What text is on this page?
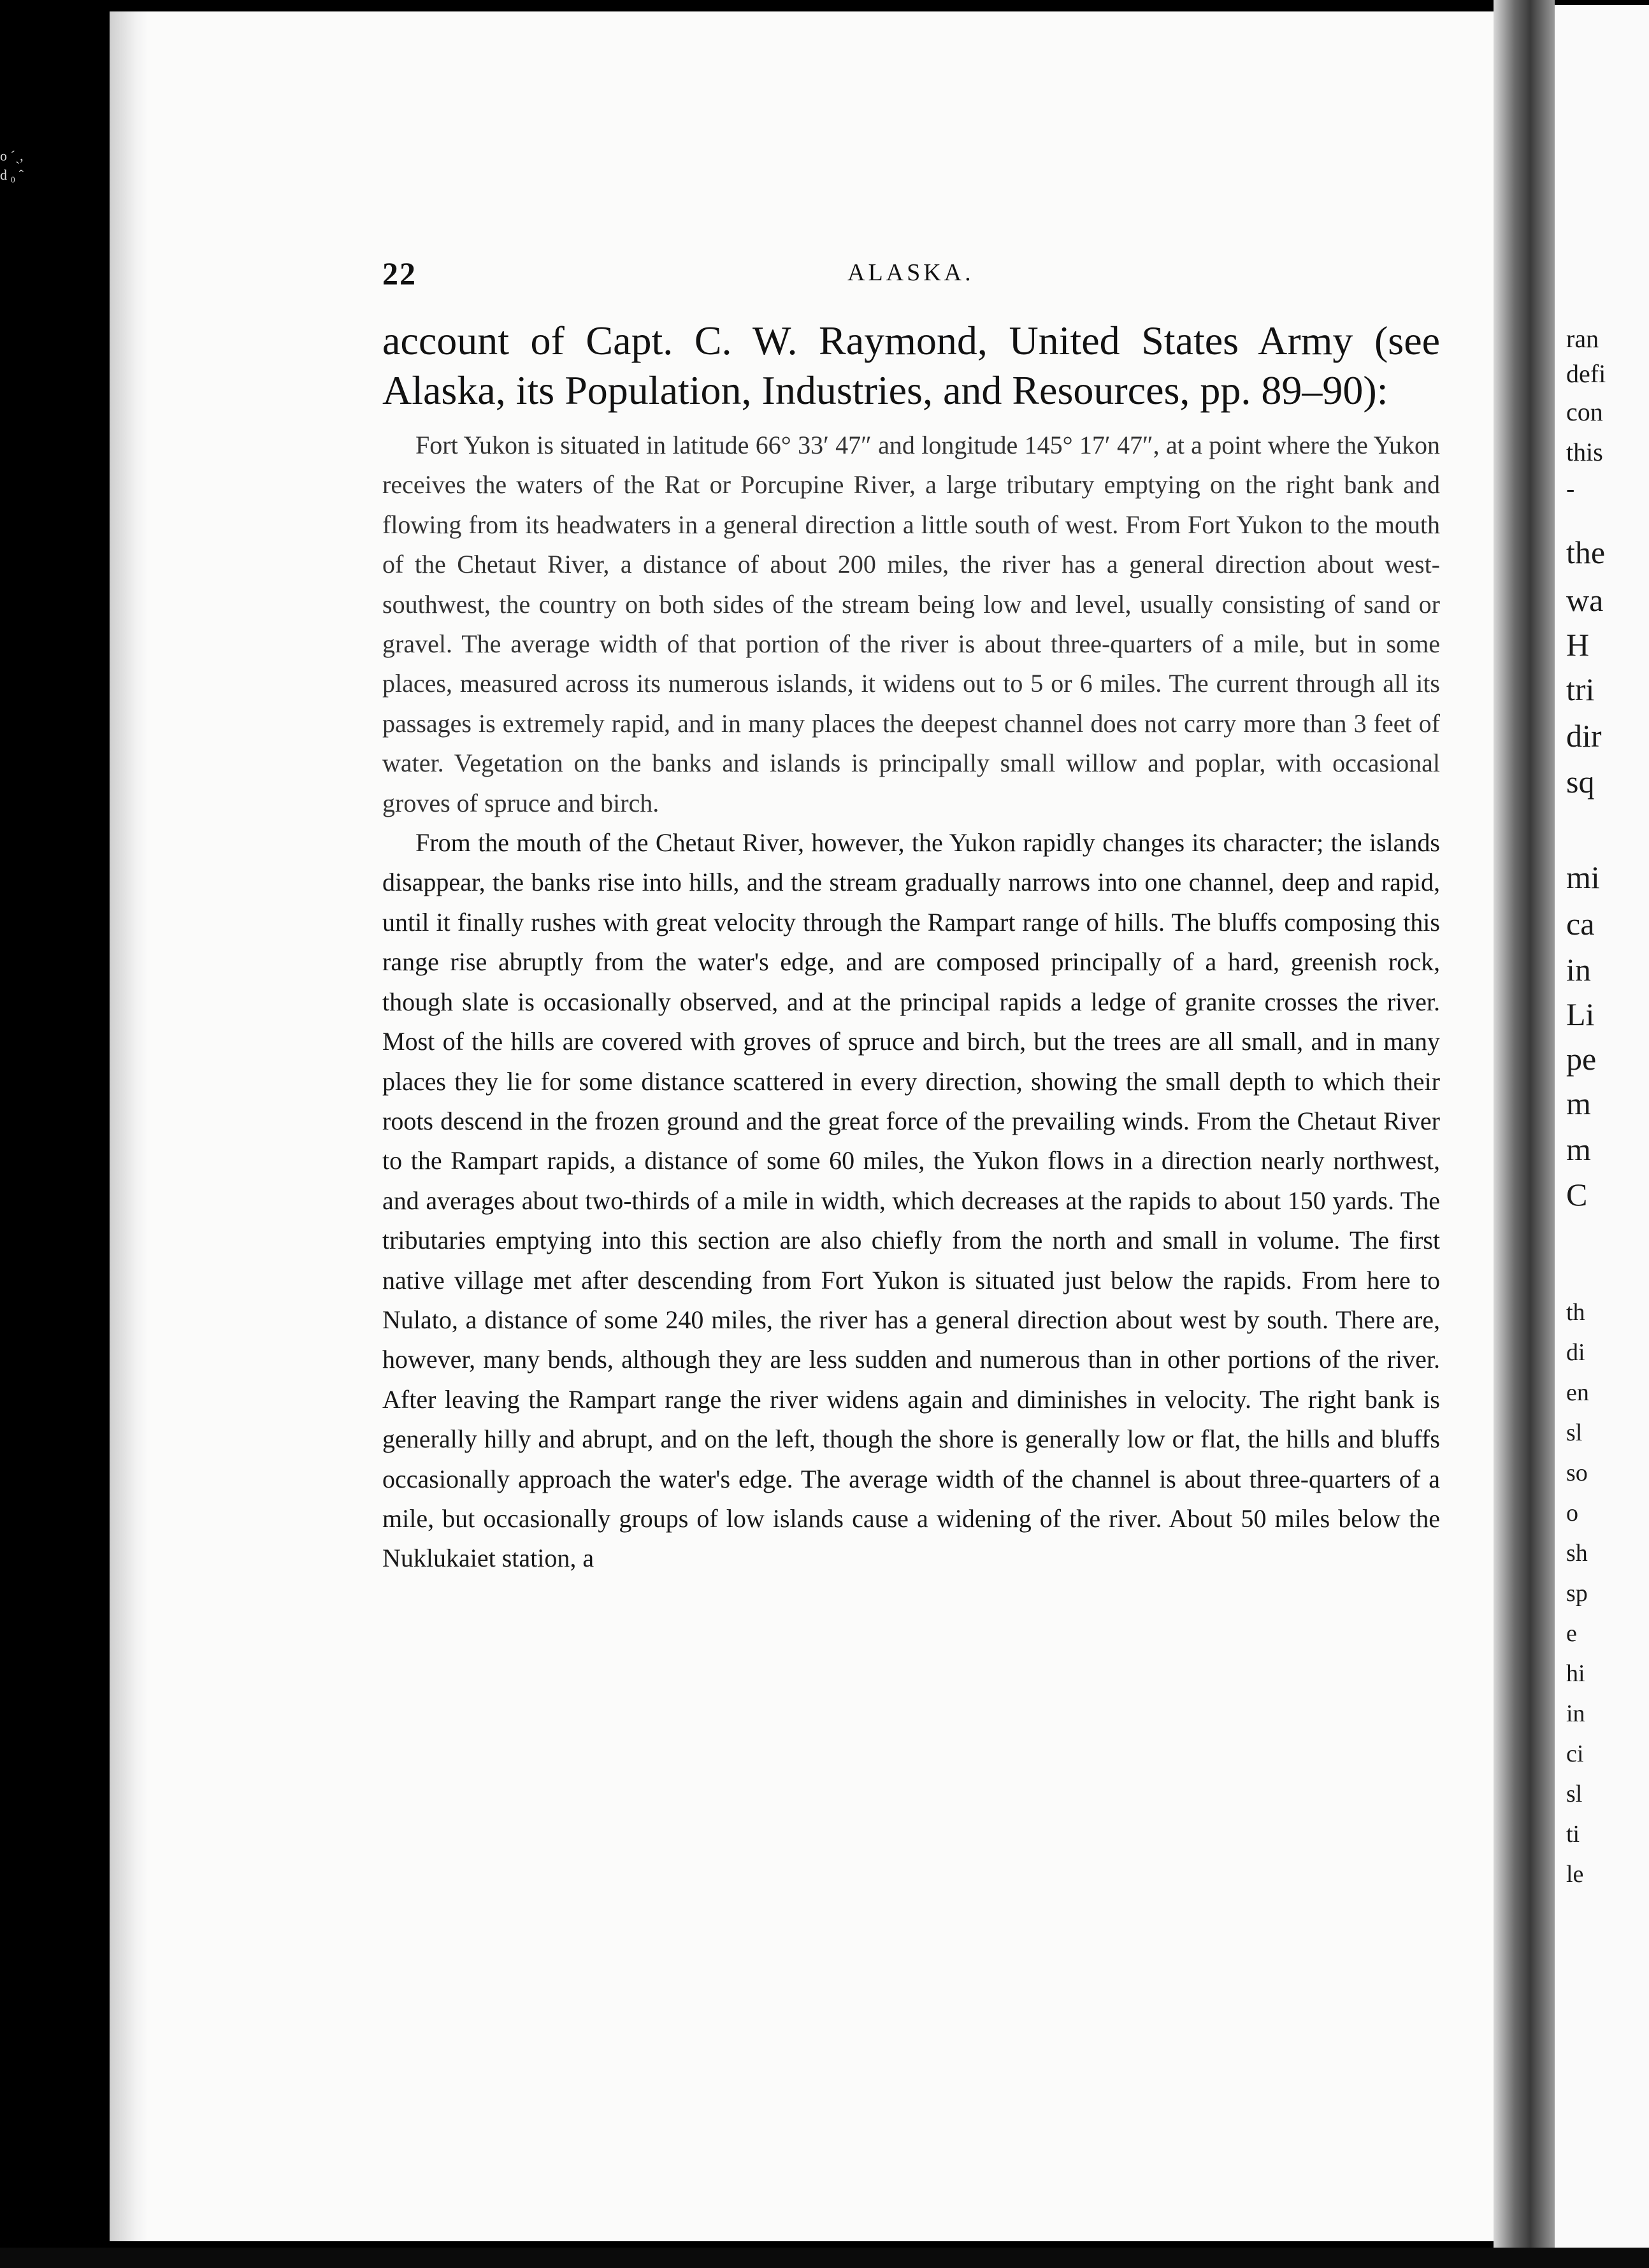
o ´ˏ,
d ₀ ˆ
ran
defi
con
this
-
the
wa
H
tri
dir
sq
mi
ca
in
Li
pe
m
m
C
th
di
en
sl
so
o
sh
sp
e
hi
in
ci
sl
ti
le
22	ALASKA.
account of Capt. C. W. Raymond, United States Army (see Alaska, its Population, Industries, and Resources, pp. 89–90):

Fort Yukon is situated in latitude 66° 33′ 47″ and longitude 145° 17′ 47″, at a point where the Yukon receives the waters of the Rat or Porcupine River, a large tributary emptying on the right bank and flowing from its headwaters in a general direction a little south of west. From Fort Yukon to the mouth of the Chetaut River, a distance of about 200 miles, the river has a general direction about west-southwest, the country on both sides of the stream being low and level, usually consisting of sand or gravel. The average width of that portion of the river is about three-quarters of a mile, but in some places, measured across its numerous islands, it widens out to 5 or 6 miles. The current through all its passages is extremely rapid, and in many places the deepest channel does not carry more than 3 feet of water. Vegetation on the banks and islands is principally small willow and poplar, with occasional groves of spruce and birch.

From the mouth of the Chetaut River, however, the Yukon rapidly changes its character; the islands disappear, the banks rise into hills, and the stream gradually narrows into one channel, deep and rapid, until it finally rushes with great velocity through the Rampart range of hills. The bluffs composing this range rise abruptly from the water's edge, and are composed principally of a hard, greenish rock, though slate is occasionally observed, and at the principal rapids a ledge of granite crosses the river. Most of the hills are covered with groves of spruce and birch, but the trees are all small, and in many places they lie for some distance scattered in every direction, showing the small depth to which their roots descend in the frozen ground and the great force of the prevailing winds. From the Chetaut River to the Rampart rapids, a distance of some 60 miles, the Yukon flows in a direction nearly northwest, and averages about two-thirds of a mile in width, which decreases at the rapids to about 150 yards. The tributaries emptying into this section are also chiefly from the north and small in volume. The first native village met after descending from Fort Yukon is situated just below the rapids. From here to Nulato, a distance of some 240 miles, the river has a general direction about west by south. There are, however, many bends, although they are less sudden and numerous than in other portions of the river. After leaving the Rampart range the river widens again and diminishes in velocity. The right bank is generally hilly and abrupt, and on the left, though the shore is generally low or flat, the hills and bluffs occasionally approach the water's edge. The average width of the channel is about three-quarters of a mile, but occasionally groups of low islands cause a widening of the river. About 50 miles below the Nuklukaiet station, a
